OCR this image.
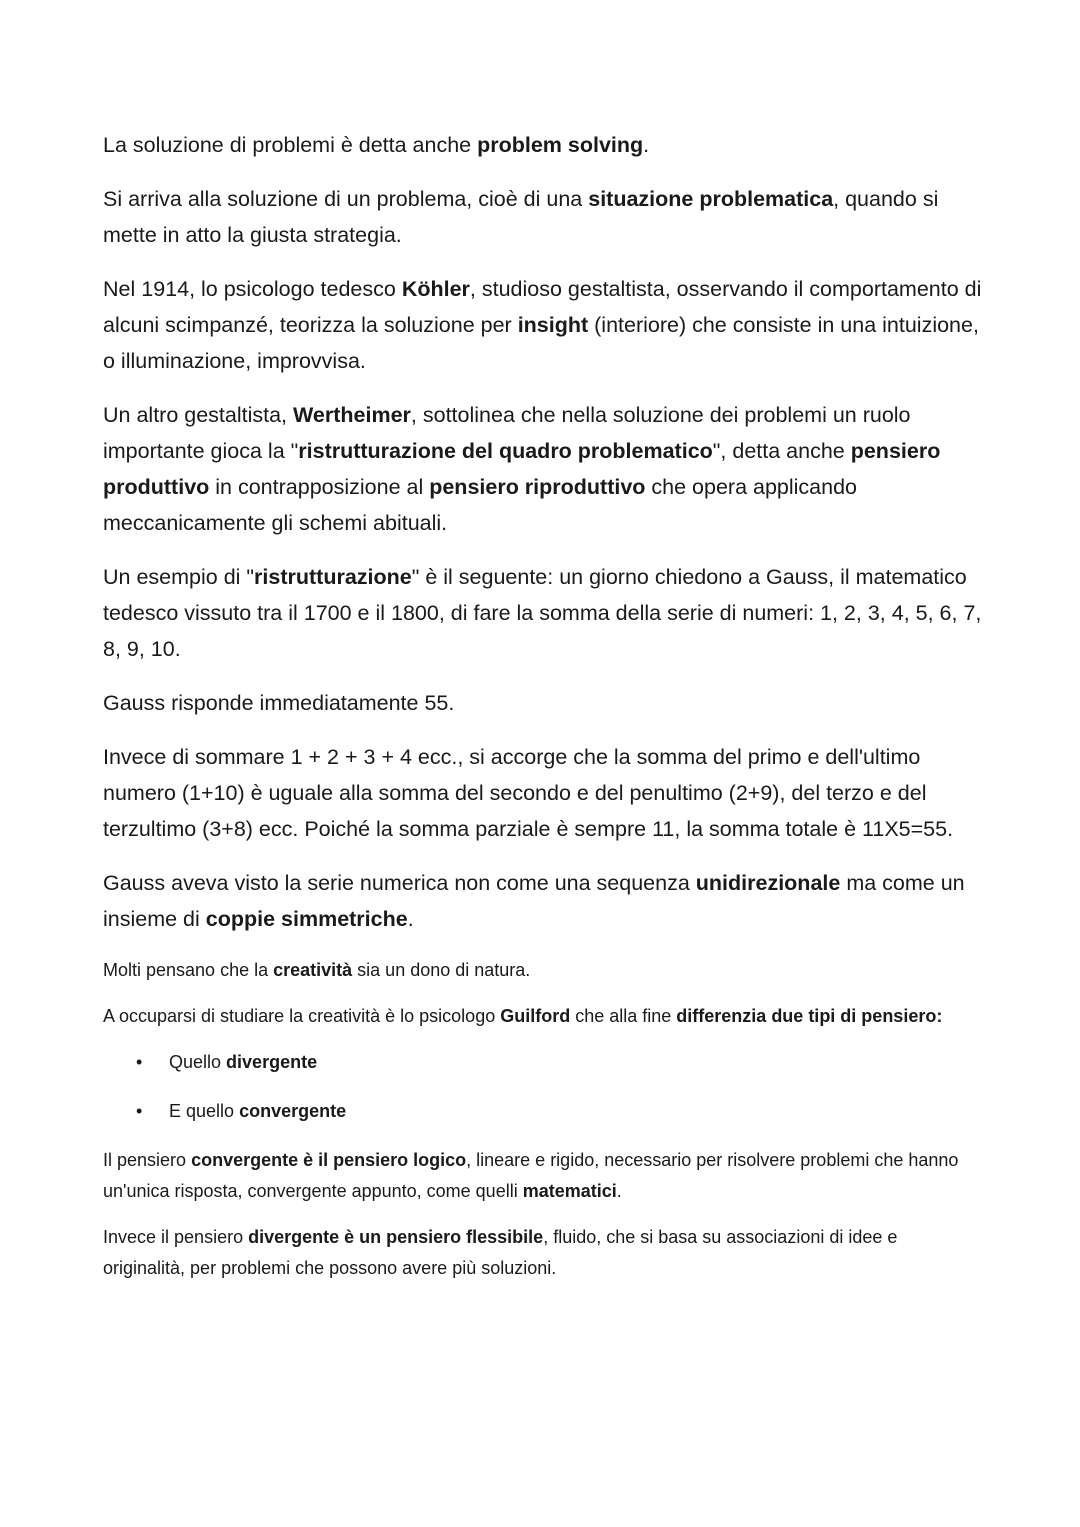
La soluzione di problemi è detta anche problem solving.

Si arriva alla soluzione di un problema, cioè di una situazione problematica, quando si mette in atto la giusta strategia.

Nel 1914, lo psicologo tedesco Köhler, studioso gestaltista, osservando il comportamento di alcuni scimpanzé, teorizza la soluzione per insight (interiore) che consiste in una intuizione, o illuminazione, improvvisa.

Un altro gestaltista, Wertheimer, sottolinea che nella soluzione dei problemi un ruolo importante gioca la "ristrutturazione del quadro problematico", detta anche pensiero produttivo in contrapposizione al pensiero riproduttivo che opera applicando meccanicamente gli schemi abituali.

Un esempio di "ristrutturazione" è il seguente: un giorno chiedono a Gauss, il matematico tedesco vissuto tra il 1700 e il 1800, di fare la somma della serie di numeri: 1, 2, 3, 4, 5, 6, 7, 8, 9, 10.

Gauss risponde immediatamente 55.

Invece di sommare 1 + 2 + 3 + 4 ecc., si accorge che la somma del primo e dell'ultimo numero (1+10) è uguale alla somma del secondo e del penultimo (2+9), del terzo e del terzultimo (3+8) ecc. Poiché la somma parziale è sempre 11, la somma totale è 11X5=55.

Gauss aveva visto la serie numerica non come una sequenza unidirezionale ma come un insieme di coppie simmetriche.

Molti pensano che la creatività sia un dono di natura.

A occuparsi di studiare la creatività è lo psicologo Guilford che alla fine differenzia due tipi di pensiero:

• Quello divergente
• E quello convergente

Il pensiero convergente è il pensiero logico, lineare e rigido, necessario per risolvere problemi che hanno un'unica risposta, convergente appunto, come quelli matematici.

Invece il pensiero divergente è un pensiero flessibile, fluido, che si basa su associazioni di idee e originalità, per problemi che possono avere più soluzioni.
